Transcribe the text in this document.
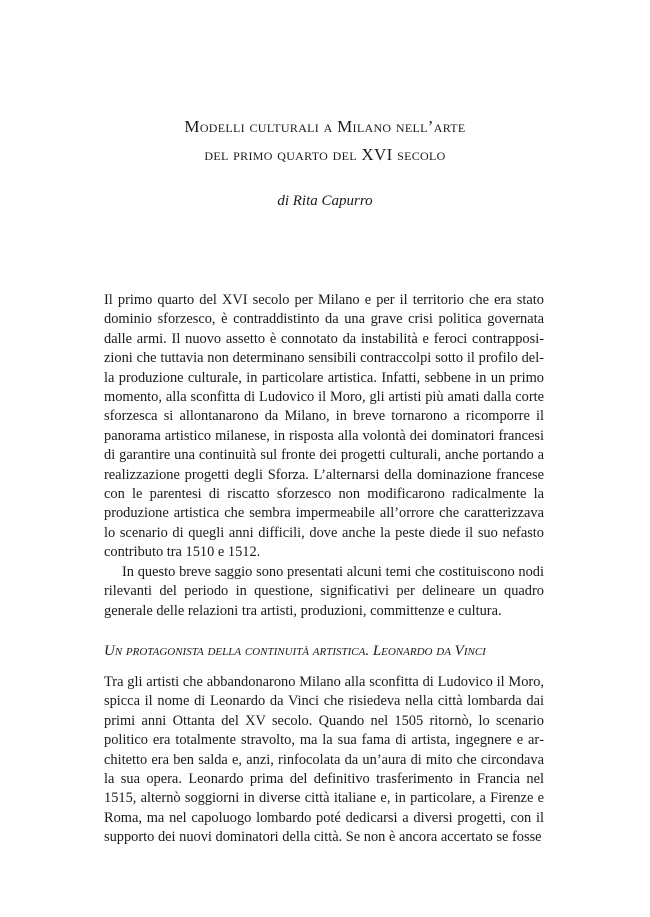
Modelli culturali a Milano nell’arte
del primo quarto del XVI secolo
di Rita Capurro

Il primo quarto del XVI secolo per Milano e per il territorio che era stato dominio sforzesco, è contraddistinto da una grave crisi politica governata dalle armi. Il nuovo assetto è connotato da instabilità e feroci contrapposizioni che tuttavia non determinano sensibili contraccolpi sotto il profilo della produzione culturale, in particolare artistica. Infatti, sebbene in un primo momento, alla sconfitta di Ludovico il Moro, gli artisti più amati dalla corte sforzesca si allontanarono da Milano, in breve tornarono a ricomporre il panorama artistico milanese, in risposta alla volontà dei dominatori francesi di garantire una continuità sul fronte dei progetti culturali, anche portando a realizzazione progetti degli Sforza. L’alternarsi della dominazione francese con le parentesi di riscatto sforzesco non modificarono radicalmente la produzione artistica che sembra impermeabile all’orrore che caratterizzava lo scenario di quegli anni difficili, dove anche la peste diede il suo nefasto contributo tra 1510 e 1512.

In questo breve saggio sono presentati alcuni temi che costituiscono nodi rilevanti del periodo in questione, significativi per delineare un quadro generale delle relazioni tra artisti, produzioni, committenze e cultura.

Un protagonista della continuità artistica. Leonardo da Vinci

Tra gli artisti che abbandonarono Milano alla sconfitta di Ludovico il Moro, spicca il nome di Leonardo da Vinci che risiedeva nella città lombarda dai primi anni Ottanta del XV secolo. Quando nel 1505 ritornò, lo scenario politico era totalmente stravolto, ma la sua fama di artista, ingegnere e architetto era ben salda e, anzi, rinfocolata da un’aura di mito che circondava la sua opera. Leonardo prima del definitivo trasferimento in Francia nel 1515, alternò soggiorni in diverse città italiane e, in particolare, a Firenze e Roma, ma nel capoluogo lombardo poté dedicarsi a diversi progetti, con il supporto dei nuovi dominatori della città. Se non è ancora accertato se fosse
